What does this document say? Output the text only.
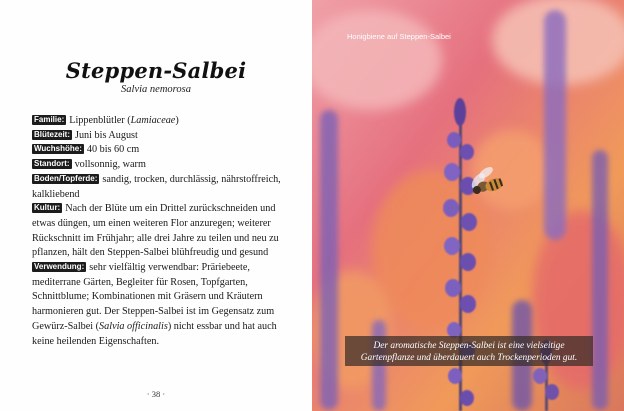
Steppen-Salbei
Salvia nemorosa

Familie: Lippenblütler (Lamiaceae)

Blütezeit: Juni bis August

Wuchshöhe: 40 bis 60 cm

Standort: vollsonnig, warm

Boden/Topferde: sandig, trocken, durchlässig, nährstoffreich, kalkliebend

Kultur: Nach der Blüte um ein Drittel zurückschneiden und etwas düngen, um einen weiteren Flor anzuregen; weiterer Rückschnitt im Frühjahr; alle drei Jahre zu teilen und neu zu pflanzen, hält den Steppen-Salbei blühfreudig und gesund

Verwendung: sehr vielfältig verwendbar: Präriebeete, mediterrane Gärten, Begleiter für Rosen, Topfgarten, Schnittblume; Kombinationen mit Gräsern und Kräutern harmonieren gut. Der Steppen-Salbei ist im Gegensatz zum Gewürz-Salbei (Salvia officinalis) nicht essbar und hat auch keine heilenden Eigenschaften.

· 38 ·
Honigbiene auf Steppen-Salbei
Der aromatische Steppen-Salbei ist eine vielseitige Gartenpflanze und überdauert auch Trockenperioden gut.
